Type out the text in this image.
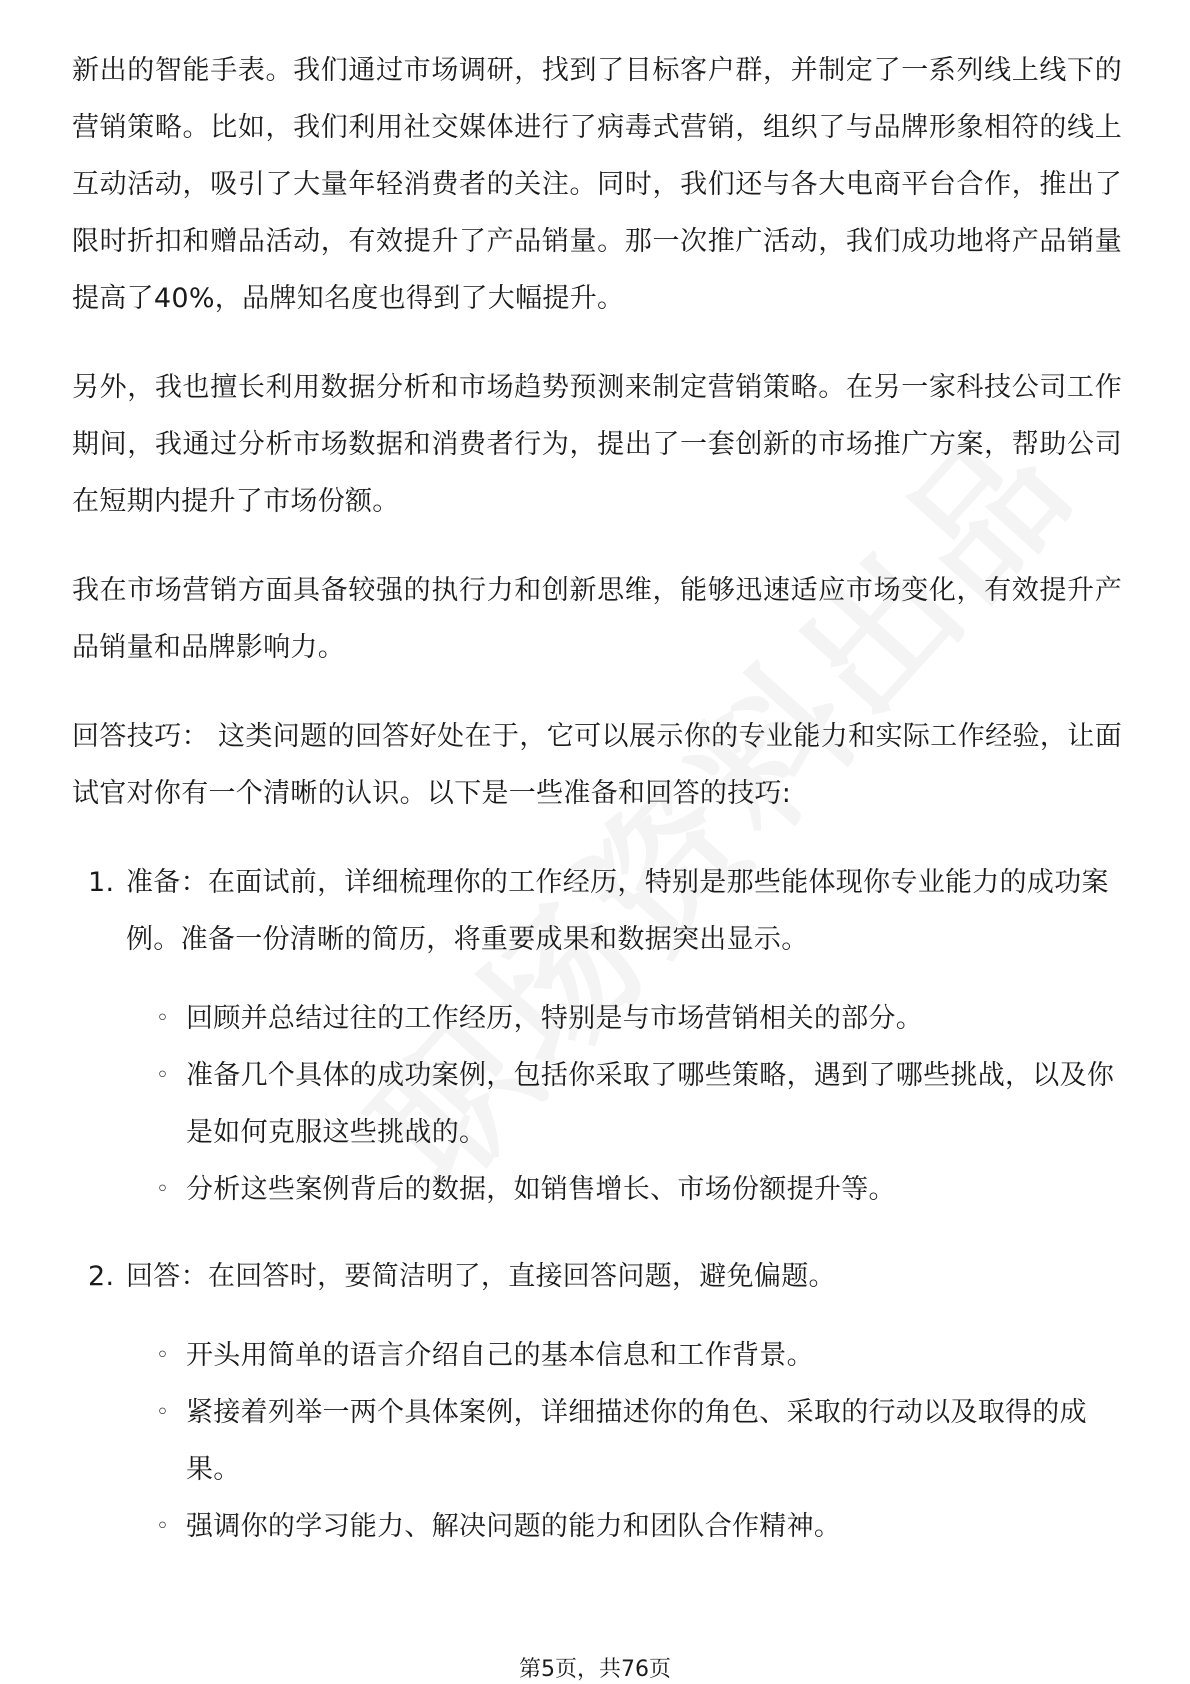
新出的智能手表。我们通过市场调研，找到了目标客户群，并制定了一系列线上线下的营销策略。比如，我们利用社交媒体进行了病毒式营销，组织了与品牌形象相符的线上互动活动，吸引了大量年轻消费者的关注。同时，我们还与各大电商平台合作，推出了限时折扣和赠品活动，有效提升了产品销量。那一次推广活动，我们成功地将产品销量提高了40%，品牌知名度也得到了大幅提升。

另外，我也擅长利用数据分析和市场趋势预测来制定营销策略。在另一家科技公司工作期间，我通过分析市场数据和消费者行为，提出了一套创新的市场推广方案，帮助公司在短期内提升了市场份额。

我在市场营销方面具备较强的执行力和创新思维，能够迅速适应市场变化，有效提升产品销量和品牌影响力。

回答技巧： 这类问题的回答好处在于，它可以展示你的专业能力和实际工作经验，让面试官对你有一个清晰的认识。以下是一些准备和回答的技巧:

1. 准备：在面试前，详细梳理你的工作经历，特别是那些能体现你专业能力的成功案例。准备一份清晰的简历，将重要成果和数据突出显示。
◦ 回顾并总结过往的工作经历，特别是与市场营销相关的部分。
◦ 准备几个具体的成功案例，包括你采取了哪些策略，遇到了哪些挑战，以及你是如何克服这些挑战的。
◦ 分析这些案例背后的数据，如销售增长、市场份额提升等。
2. 回答：在回答时，要简洁明了，直接回答问题，避免偏题。
◦ 开头用简单的语言介绍自己的基本信息和工作背景。
◦ 紧接着列举一两个具体案例，详细描述你的角色、采取的行动以及取得的成果。
◦ 强调你的学习能力、解决问题的能力和团队合作精神。
第5页，共76页
